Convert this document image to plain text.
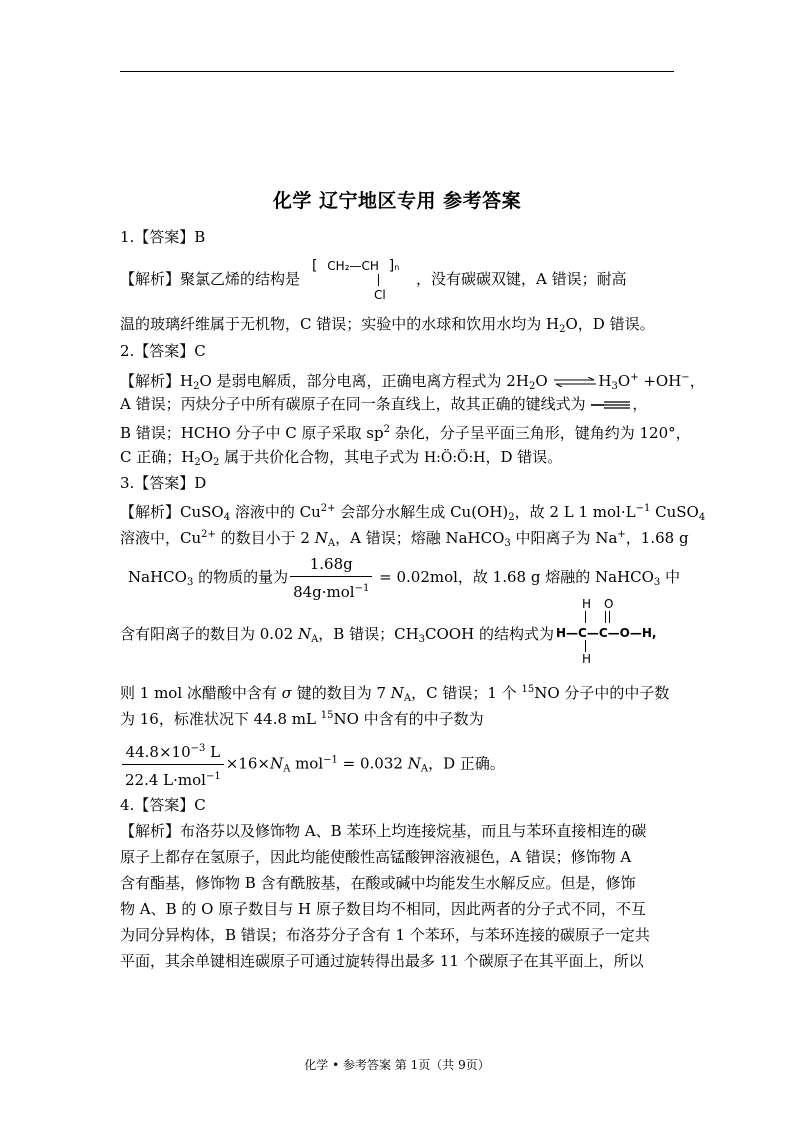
化学 辽宁地区专用 参考答案
1.【答案】B
【解析】聚氯乙烯的结构是	，没有碳碳双键，A 错误；耐高
[ CH₂—CH ]n
Cl
温的玻璃纤维属于无机物，C 错误；实验中的水球和饮用水均为 $H_2O$，D 错误。
2.【答案】C
【解析】$H_2O$ 是弱电解质，部分电离，正确电离方程式为 $2H_2O$ $\rightleftharpoons H_3O^+ +OH^-$，
A 错误；丙炔分子中所有碳原子在同一条直线上，故其正确的键线式为	，
B 错误；HCHO 分子中 C 原子采取 $sp^2$ 杂化，分子呈平面三角形，键角约为 120°，
C 正确；$H_2O_2$ 属于共价化合物，其电子式为 H:Ö:Ö:H，D 错误。
3.【答案】D
【解析】CuSO$_4$ 溶液中的 $Cu^{2+}$ 会部分水解生成 $Cu(OH)_2$，故 2 L 1 $mol\cdot L^{-1}$ CuSO$_4$
溶液中，$Cu^{2+}$ 的数目小于 2 $N_A$，A 错误；熔融 NaHCO$_3$ 中阳离子为 Na+，1.68 g
NaHCO$_3$ 的物质的量为 $\frac{1.68g}{84g\cdot mol^{-1}} = 0.02mol$，故 1.68 g 熔融的 NaHCO$_3$ 中
H O
含有阳离子的数目为 0.02 $N_A$，B 错误；$CH_3COOH$ 的结构式为 H—C—C—O—H,
H
则 1 mol 冰醋酸中含有 σ 键的数目为 7 $N_A$，C 错误；1 个 $^{15}$NO 分子中的中子数
为 16，标准状况下 44.8 mL $^{15}$NO 中含有的中子数为
$\frac{44.8\times 10^{-3} L}{22.4 L\cdot mol^{-1}} \times 16\times N_A$ mol$^{-1}$ = 0.032 $N_A$，D 正确。
4.【答案】C
【解析】布洛芬以及修饰物 A、B 苯环上均连接烷基，而且与苯环直接相连的碳
原子上都存在氢原子，因此均能使酸性高锰酸钾溶液褪色，A 错误；修饰物 A
含有酯基，修饰物 B 含有酰胺基，在酸或碱中均能发生水解反应。但是，修饰
物 A、B 的 O 原子数目与 H 原子数目均不相同，因此两者的分子式不同，不互
为同分异构体，B 错误；布洛芬分子含有 1 个苯环，与苯环连接的碳原子一定共
平面，其余单键相连碳原子可通过旋转得出最多 11 个碳原子在其平面上，所以
化学 • 参考答案 第 1页（共 9页）
